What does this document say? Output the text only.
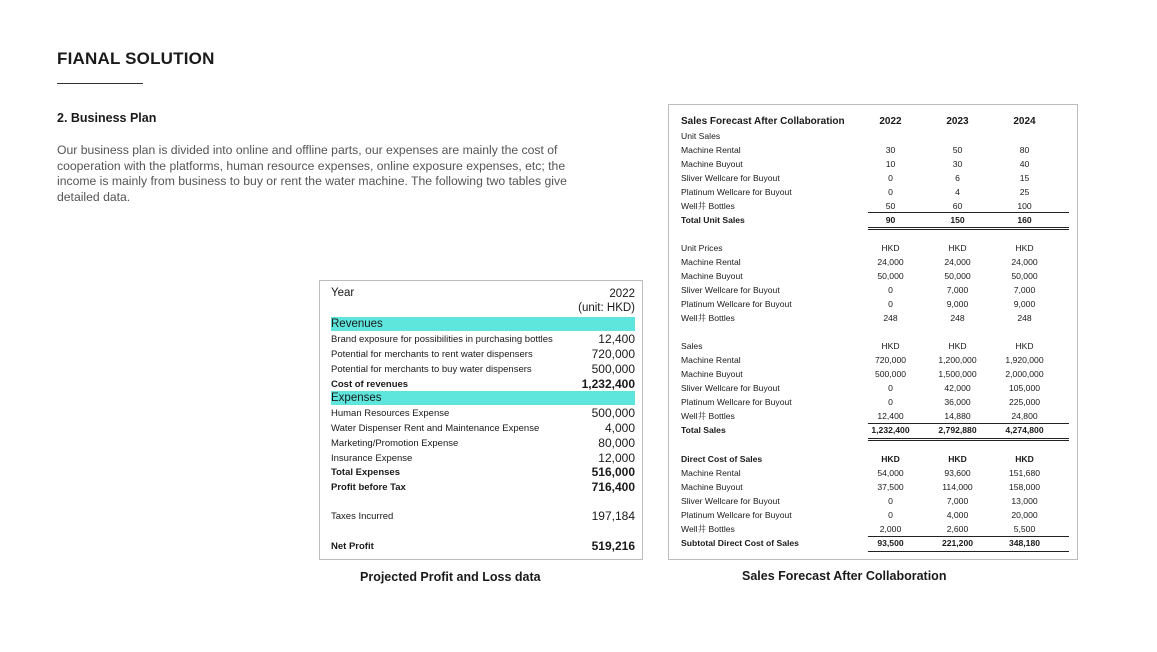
FIANAL SOLUTION
2. Business Plan
Our business plan is divided into online and offline parts, our expenses are mainly the cost of cooperation with the platforms, human resource expenses, online exposure expenses, etc; the income is mainly from business to buy or rent the water machine. The following two tables give detailed data.
Year	2022
(unit: HKD)
Revenues
Brand exposure for possibilities in purchasing bottles	12,400
Potential for merchants to rent water dispensers	720,000
Potential for merchants to buy water dispensers	500,000
Cost of revenues	1,232,400
Expenses
Human Resources Expense	500,000
Water Dispenser Rent and Maintenance Expense	4,000
Marketing/Promotion Expense	80,000
Insurance Expense	12,000
Total Expenses	516,000
Profit before Tax	716,400
Taxes Incurred	197,184
Net Profit	519,216
Sales Forecast After Collaboration	2022	2023	2024
Unit Sales
Machine Rental	30	50	80
Machine Buyout	10	30	40
Sliver Wellcare for Buyout	0	6	15
Platinum Wellcare for Buyout	0	4	25
Well井 Bottles	50	60	100
Total Unit Sales	90	150	160
Unit Prices	HKD	HKD	HKD
Machine Rental	24,000	24,000	24,000
Machine Buyout	50,000	50,000	50,000
Sliver Wellcare for Buyout	0	7,000	7,000
Platinum Wellcare for Buyout	0	9,000	9,000
Well井 Bottles	248	248	248
Sales	HKD	HKD	HKD
Machine Rental	720,000	1,200,000	1,920,000
Machine Buyout	500,000	1,500,000	2,000,000
Sliver Wellcare for Buyout	0	42,000	105,000
Platinum Wellcare for Buyout	0	36,000	225,000
Well井 Bottles	12,400	14,880	24,800
Total Sales	1,232,400	2,792,880	4,274,800
Direct Cost of Sales	HKD	HKD	HKD
Machine Rental	54,000	93,600	151,680
Machine Buyout	37,500	114,000	158,000
Sliver Wellcare for Buyout	0	7,000	13,000
Platinum Wellcare for Buyout	0	4,000	20,000
Well井 Bottles	2,000	2,600	5,500
Subtotal Direct Cost of Sales	93,500	221,200	348,180
Projected Profit and Loss data	Sales Forecast After Collaboration
